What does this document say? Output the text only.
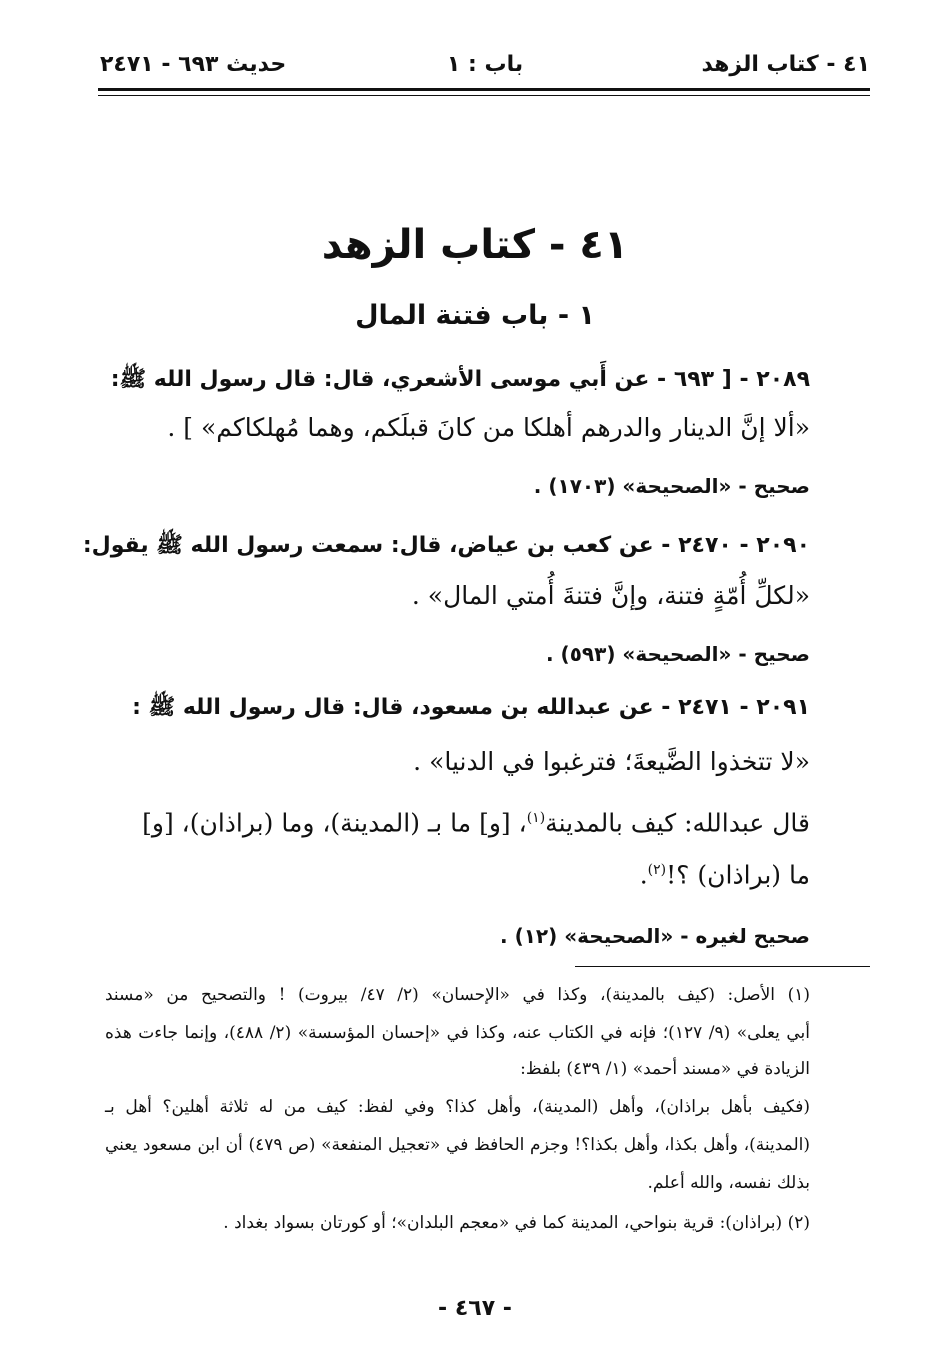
٤١ - كتاب الزهد
باب : ١
حديث ٦٩٣ - ٢٤٧١
٤١ - كتاب الزهد
١ - باب فتنة المال
٢٠٨٩ - [ ٦٩٣ - عن أَبي موسى الأشعري، قال: قال رسول الله ﷺ:
«ألا إنَّ الدينار والدرهم أهلكا من كانَ قبلَكم، وهما مُهلكاكم» ] .
صحيح - «الصحيحة» (١٧٠٣) .
٢٠٩٠ - ٢٤٧٠ - عن كعب بن عياض، قال: سمعت رسول الله ﷺ يقول:
«لكلِّ أُمّةٍ فتنة، وإنَّ فتنةَ أُمتي المال» .
صحيح - «الصحيحة» (٥٩٣) .
٢٠٩١ - ٢٤٧١ - عن عبدالله بن مسعود، قال: قال رسول الله ﷺ :
«لا تتخذوا الضَّيعةَ؛ فترغبوا في الدنيا» .
قال عبدالله: كيف بالمدينة$^{(١)}$، [و] ما بـ (المدينة)، وما (براذان)، [و]
ما (براذان) ؟!$^{(٢)}$.
صحيح لغيره - «الصحيحة» (١٢) .
(١) الأصل: (كيف بالمدينة)، وكذا في «الإحسان» (٢/ ٤٧/ بيروت) ! والتصحيح من «مسند
أبي يعلى» (٩/ ١٢٧)؛ فإنه في الكتاب عنه، وكذا في «إحسان المؤسسة» (٢/ ٤٨٨)، وإنما جاءت هذه
الزيادة في «مسند أحمد» (١/ ٤٣٩) بلفظ:
(فكيف بأهل براذان)، وأهل (المدينة)، وأهل كذا؟ وفي لفظ: كيف من له ثلاثة أهلين؟ أهل بـ
(المدينة)، وأهل بكذا، وأهل بكذا؟! وجزم الحافظ في «تعجيل المنفعة» (ص ٤٧٩) أن ابن مسعود يعني
بذلك نفسه، والله أعلم.
(٢) (براذان): قرية بنواحي، المدينة كما في «معجم البلدان»؛ أو كورتان بسواد بغداد .
- ٤٦٧ -
